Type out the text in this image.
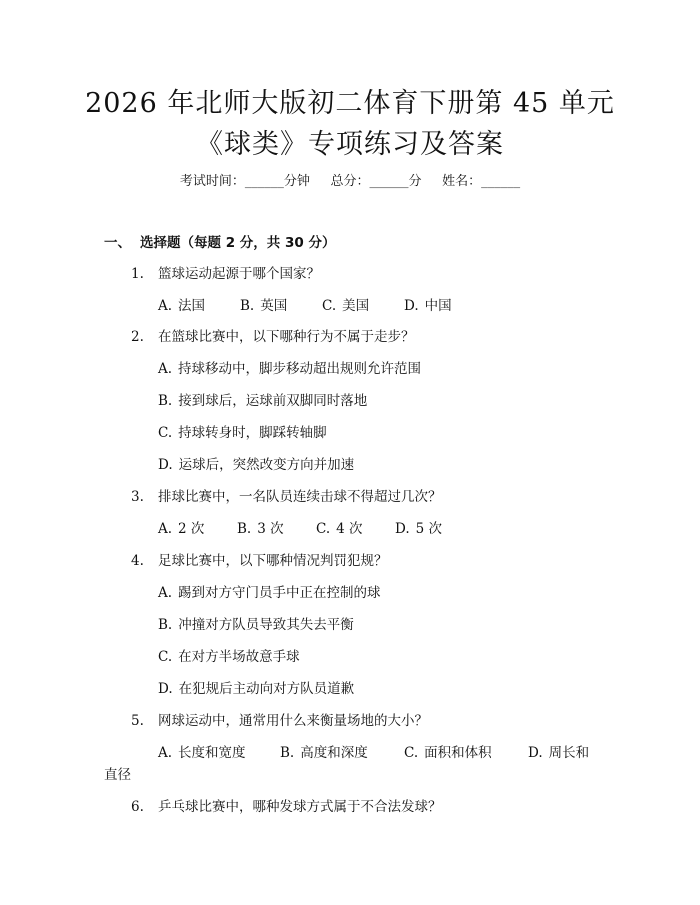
2026 年北师大版初二体育下册第 45 单元
《球类》专项练习及答案
考试时间：______分钟     总分：______分     姓名：______
一、 选择题（每题 2 分，共 30 分）
1. 篮球运动起源于哪个国家？
A. 法国	B. 英国	C. 美国	D. 中国
2. 在篮球比赛中，以下哪种行为不属于走步？
A. 持球移动中，脚步移动超出规则允许范围
B. 接到球后，运球前双脚同时落地
C. 持球转身时，脚踩转轴脚
D. 运球后，突然改变方向并加速
3. 排球比赛中，一名队员连续击球不得超过几次？
A. 2 次 B. 3 次 C. 4 次 D. 5 次
4. 足球比赛中，以下哪种情况判罚犯规？
A. 踢到对方守门员手中正在控制的球
B. 冲撞对方队员导致其失去平衡
C. 在对方半场故意手球
D. 在犯规后主动向对方队员道歉
5. 网球运动中，通常用什么来衡量场地的大小？
A. 长度和宽度	B. 高度和深度	C. 面积和体积	D. 周长和
直径
6. 乒乓球比赛中，哪种发球方式属于不合法发球？
